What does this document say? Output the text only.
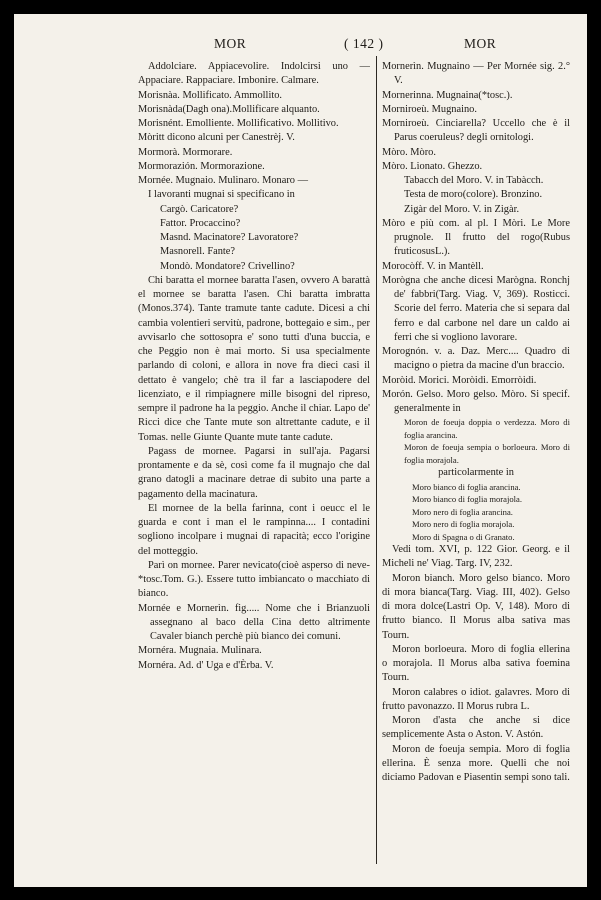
MOR	( 142 )	MOR

Addolciare. Appiacevolire. Indolcirsi uno — Appaciare. Rappaciare. Imbonire. Calmare.

Morisnàa. Mollificato. Ammollito.

Morisnàda(Dagh ona).Mollificare alquanto.

Morisnént. Emolliente. Mollificativo. Mollitivo.

Mòritt dicono alcuni per Canestrèj. V.

Mormorà. Mormorare.

Mormorazión. Mormorazione.

Mornée. Mugnaio. Mulinaro. Monaro —

I lavoranti mugnai si specificano in

Cargò. Caricatore?

Fattor. Procaccino?

Masnd. Macinatore? Lavoratore?

Masnorell. Fante?

Mondò. Mondatore? Crivellino?

Chi baratta el mornee baratta l'asen, ovvero A barattà el mornee se baratta l'asen. Chi baratta imbratta (Monos.374). Tante tramute tante cadute. Dicesi a chi cambia volentieri servitù, padrone, bottegaio e sim., per avvisarlo che sottosopra e' sono tutti d'una buccia, e che Peggio non è mai morto. Si usa specialmente parlando di coloni, e allora in nove fra dieci casi il dettato è vangelo; chè tra il far a lasciapodere del licenziato, e il rimpiagnere mille bisogni del ripreso, sempre il padrone ha la peggio. Anche il chiar. Lapo de' Ricci dice che Tante mute son altrettante cadute, e il Tomas. nelle Giunte Quante mute tante cadute.

Pagass de mornee. Pagarsi in sull'aja. Pagarsi prontamente e da sè, così come fa il mugnajo che dal grano datogli a macinare detrae di subito una parte a pagamento della macinatura.

El mornee de la bella farinna, cont i oeucc el le guarda e cont i man el le rampinna.... I contadini sogliono incolpare i mugnai di rapacità; ecco l'origine del motteggio.

Parì on mornee. Parer nevicato(cioè asperso di neve-*tosc.Tom. G.). Essere tutto imbiancato o macchiato di bianco.

Mornée e Mornerìn. fig..... Nome che i Brianzuoli assegnano al baco della Cina detto altrimente Cavaler bianch perchè più bianco dei comuni.

Mornéra. Mugnaia. Mulinara.

Mornéra. Ad. d' Uga e d'Èrba. V.

Mornerìn. Mugnaino — Per Mornée sig. 2.° V.

Mornerinna. Mugnaina(*tosc.).

Morniroeù. Mugnaino.

Morniroeù. Cinciarella? Uccello che è il Parus coeruleus? degli ornitologi.

Mòro. Mòro.

Mòro. Lionato. Ghezzo.

Tabacch del Moro. V. in Tabàcch.

Testa de moro(colore). Bronzino.

Zigàr del Moro. V. in Zigàr.

Mòro e più com. al pl. I Mòri. Le More prugnole. Il frutto del rogo(Rubus fruticosusL.).

Morocòff. V. in Mantèll.

Morògna che anche dicesi Marògna. Ronchj de' fabbri(Targ. Viag. V, 369). Rosticci. Scorie del ferro. Materia che si separa dal ferro e dal carbone nel dare un caldo ai ferri che si vogliono lavorare.

Morognón. v. a. Daz. Merc.... Quadro di macigno o pietra da macine d'un braccio.

Moròid. Morici. Moròidi. Emorròidi.

Morón. Gelso. Moro gelso. Mòro. Si specif. generalmente in

Moron de foeuja doppia o verdezza. Moro di foglia arancina.

Moron de foeuja sempia o borloeura. Moro di foglia morajola.

particolarmente in

Moro bianco di foglia arancina.

Moro bianco di foglia morajola.

Moro nero di foglia arancina.

Moro nero di foglia morajola.

Moro di Spagna o di Granato.

Vedi tom. XVI, p. 122 Gior. Georg. e il Micheli ne' Viag. Targ. IV, 232.

Moron bianch. Moro gelso bianco. Moro di mora bianca(Targ. Viag. III, 402). Gelso di mora dolce(Lastri Op. V, 148). Moro di frutto bianco. Il Morus alba sativa mas Tourn.

Moron borloeura. Moro di foglia ellerina o morajola. Il Morus alba sativa foemina Tourn.

Moron calabres o idiot. galavres. Moro di frutto pavonazzo. Il Morus rubra L.

Moron d'asta che anche si dice semplicemente Asta o Aston. V. Astón.

Moron de foeuja sempia. Moro di foglia ellerina. È senza more. Quelli che noi diciamo Padovan e Piasentin sempi sono tali.
